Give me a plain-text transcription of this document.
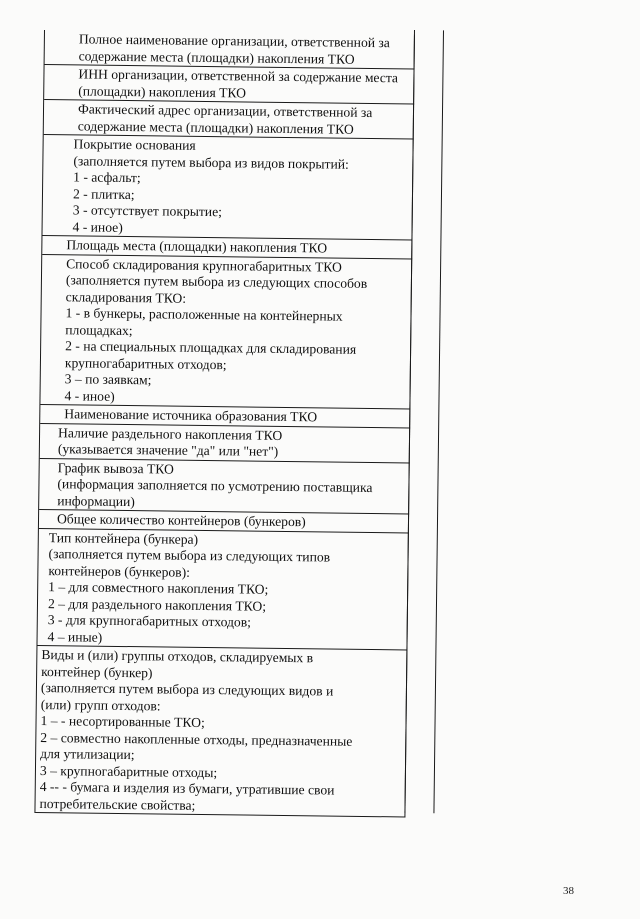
Полное наименование организации, ответственной за
содержание места (площадки) накопления ТКО
ИНН организации, ответственной за содержание места
(площадки) накопления ТКО
Фактический адрес организации, ответственной за
содержание места (площадки) накопления ТКО
Покрытие основания
(заполняется путем выбора из видов покрытий:
1 - асфальт;
2 - плитка;
3 - отсутствует покрытие;
4 - иное)
Площадь места (площадки) накопления ТКО
Способ складирования крупногабаритных ТКО
(заполняется путем выбора из следующих способов
складирования ТКО:
1 - в бункеры, расположенные на контейнерных
площадках;
2 - на специальных площадках для складирования
крупногабаритных отходов;
3 – по заявкам;
4 - иное)
Наименование источника образования ТКО
Наличие раздельного накопления ТКО
(указывается значение "да" или "нет")
График вывоза ТКО
(информация заполняется по усмотрению поставщика
информации)
Общее количество контейнеров (бункеров)
Тип контейнера (бункера)
(заполняется путем выбора из следующих типов
контейнеров (бункеров):
1 – для совместного накопления ТКО;
2 – для раздельного накопления ТКО;
3 - для крупногабаритных отходов;
4 – иные)
Виды и (или) группы отходов, складируемых в
контейнер (бункер)
(заполняется путем выбора из следующих видов и
(или) групп отходов:
1 – - несортированные ТКО;
2 – совместно накопленные отходы, предназначенные
для утилизации;
3 – крупногабаритные отходы;
4 -- - бумага и изделия из бумаги, утратившие свои
потребительские свойства;
38
